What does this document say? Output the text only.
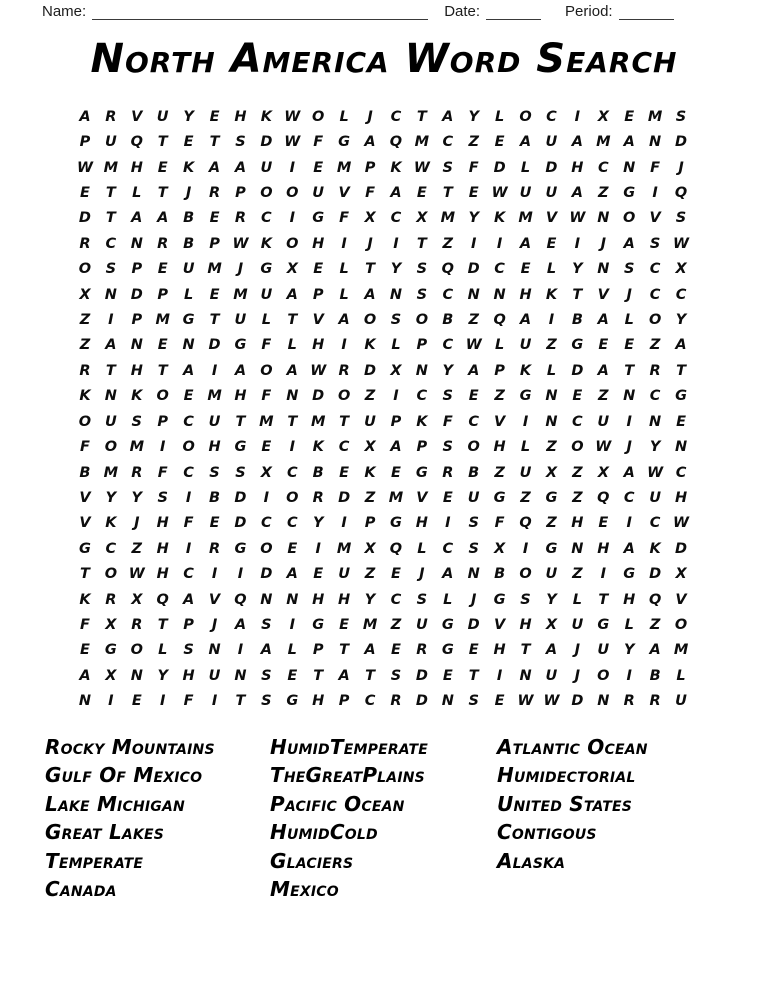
Name:	Date:	Period:
North America Word Search
A	R	V U	Y	E	H K W O	L	J	C	T	A	Y	L	O C	I	X	E M S
P	U Q	T	E	T	S	D W F	G A Q M C	Z	E	A U A M A N D
W M H	E	K	A	A U	I	E M P	K W S	F	D	L	D H	C	N	F	J
E	T	L	T	J	R	P O O U V	F	A	E	T	E W U U A	Z	G	I	Q
D	T	A	A	B	E	R	C	I	G	F	X	C	X M Y	K M V W N O V	S
R	C	N R	B	P W K O H	I	J	I	T	Z	I	I	A	E	I	J	A	S W
O	S	P	E	U M	J	G X	E	L	T	Y	S	Q D	C	E	L	Y	N	S	C	X
X N D	P	L	E M U A	P	L	A N	S	C	N N H K	T	V	J	C	C
Z	I	P M G	T	U	L	T	V	A O	S	O B	Z	Q A	I	B	A	L	O	Y
Z	A N	E	N D G	F	L	H	I	K	L	P	C W L	U	Z	G	E	E	Z	A
R	T	H	T	A	I	A O A W R D X N	Y	A	P	K	L	D A	T	R	T
K N K O	E M H	F	N D O Z	I	C	S	E	Z	G N	E	Z	N	C	G
O U	S	P	C	U	T M T M T	U	P	K	F	C	V	I	N	C	U	I	N	E
F	O M	I	O H G	E	I	K	C	X	A	P	S	O H	L	Z	O W	J	Y	N
B M R	F	C	S	S	X	C	B	E	K	E	G R	B	Z	U X	Z	X	A W C
V	Y	Y	S	I	B D	I	O R D	Z M V	E	U G	Z	G	Z Q C	U H
V	K	J	H	F	E	D	C	C	Y	I	P	G H	I	S	F	Q	Z	H	E	I	C W
G	C	Z	H	I	R G O	E	I	M X Q	L	C	S	X	I	G N H A	K D
T	O W H	C	I	I	D A	E	U	Z	E	J	A N B O U	Z	I	G D X
K	R	X Q A	V Q N N H H	Y	C	S	L	J	G	S	Y	L	T	H Q V
F	X	R	T	P	J	A	S	I	G	E M Z	U G D V H X U G	L	Z O
E	G O	L	S	N	I	A	L	P	T	A	E	R G	E	H	T	A	J	U	Y	A M
A	X N	Y	H U N	S	E	T	A	T	S	D	E	T	I	N U	J	O	I	B	L
N	I	E	I	F	I	T	S	G H	P	C	R D N	S	E W W D N R	R U
Rocky Mountains
Gulf Of Mexico
Lake Michigan
Great Lakes
Temperate
Canada
HumidTemperate
TheGreatPlains
Pacific Ocean
HumidCold
Glaciers
Mexico
Atlantic Ocean
Humidectorial
United States
Contigous
Alaska
